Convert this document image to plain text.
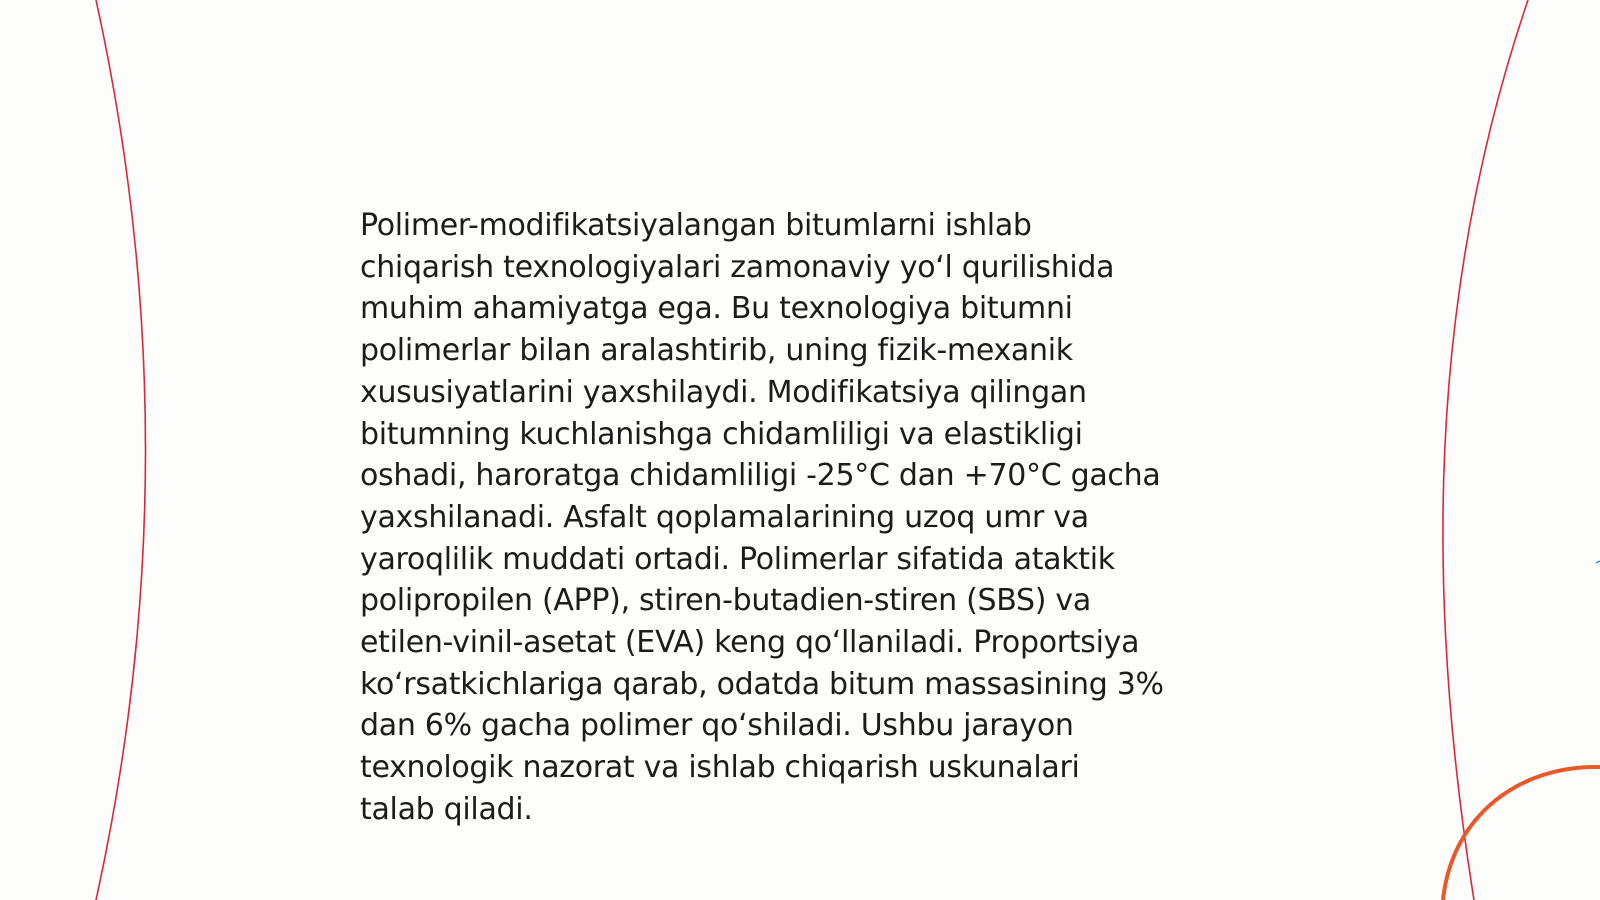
Polimer-modifikatsiyalangan bitumlarni ishlab
chiqarish texnologiyalari zamonaviy yo‘l qurilishida
muhim ahamiyatga ega. Bu texnologiya bitumni
polimerlar bilan aralashtirib, uning fizik-mexanik
xususiyatlarini yaxshilaydi. Modifikatsiya qilingan
bitumning kuchlanishga chidamliligi va elastikligi
oshadi, haroratga chidamliligi -25°C dan +70°C gacha
yaxshilanadi. Asfalt qoplamalarining uzoq umr va
yaroqlilik muddati ortadi. Polimerlar sifatida ataktik
polipropilen (APP), stiren-butadien-stiren (SBS) va
etilen-vinil-asetat (EVA) keng qo‘llaniladi. Proportsiya
ko‘rsatkichlariga qarab, odatda bitum massasining 3%
dan 6% gacha polimer qo‘shiladi. Ushbu jarayon
texnologik nazorat va ishlab chiqarish uskunalari
talab qiladi.
